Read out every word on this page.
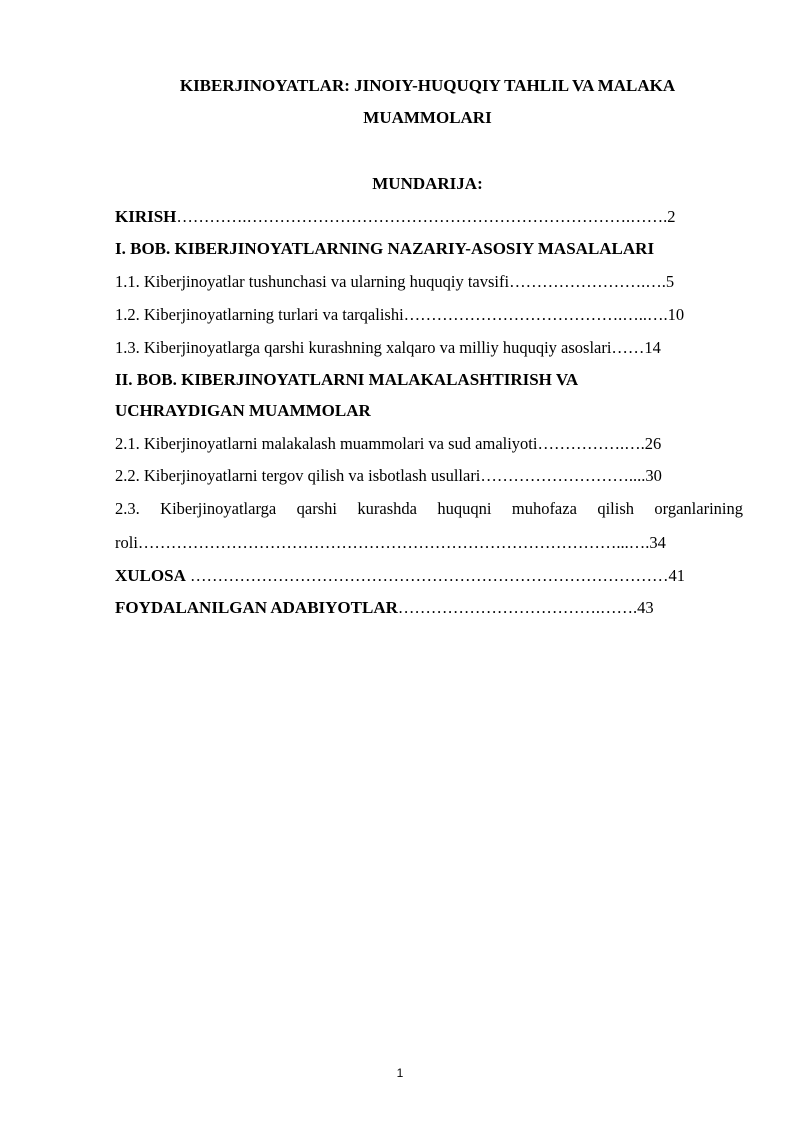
KIBERJINOYATLAR: JINOIY-HUQUQIY TAHLIL VA MALAKA
MUAMMOLARI
MUNDARIJA:
KIRISH………….…………………………………………………………….…….2
I. BOB. KIBERJINOYATLARNING NAZARIY-ASOSIY MASALALARI
1.1. Kiberjinoyatlar tushunchasi va ularning huquqiy tavsifi…………………….….5
1.2. Kiberjinoyatlarning turlari va tarqalishi………………………………….…..….10
1.3. Kiberjinoyatlarga qarshi kurashning xalqaro va milliy huquqiy asoslari……14
II. BOB. KIBERJINOYATLARNI MALAKALASHTIRISH VA
UCHRAYDIGAN MUAMMOLAR
2.1. Kiberjinoyatlarni malakalash muammolari va sud amaliyoti…………….….26
2.2. Kiberjinoyatlarni tergov qilish va isbotlash usullari………………………....30
2.3. Kiberjinoyatlarga qarshi kurashda huquqni muhofaza qilish organlarining
roli……………………………………………………………………………...….34
XULOSA ……………………………………………………………………………41
FOYDALANILGAN ADABIYOTLAR……………………………….…….43
1
